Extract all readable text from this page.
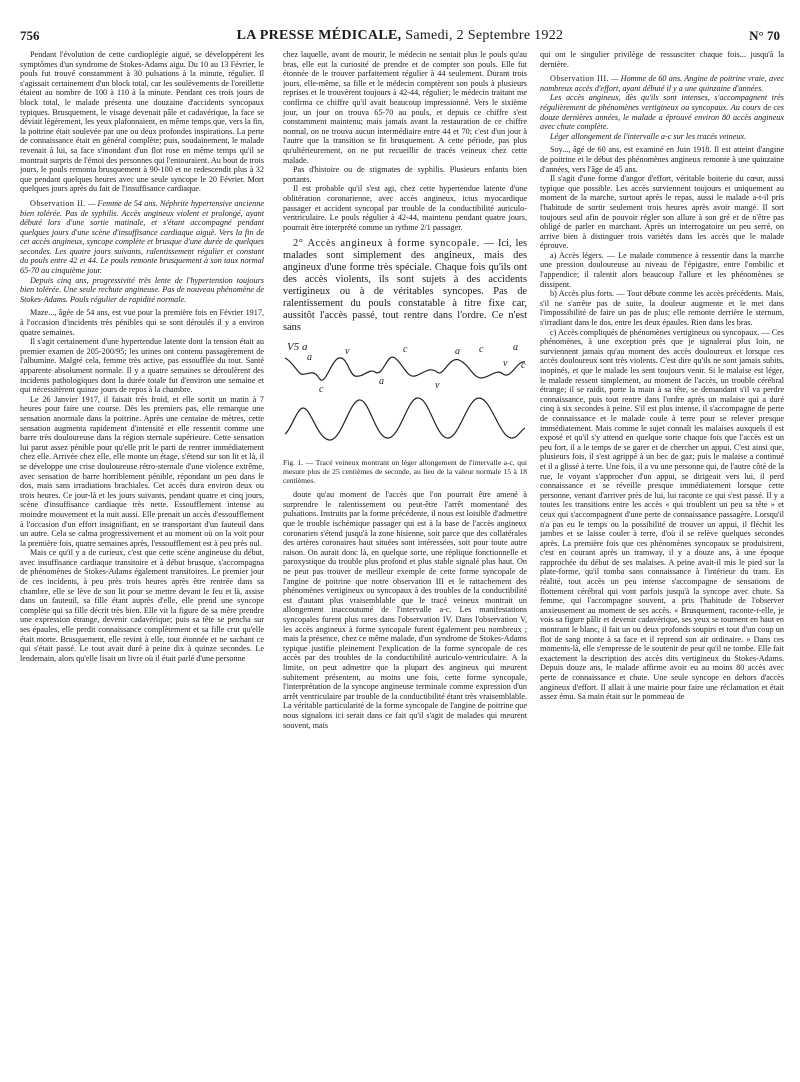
756	LA PRESSE MÉDICALE, Samedi, 2 Septembre 1922	N° 70

Pendant l'évolution de cette cardioplégie aiguë, se développèrent les symptômes d'un syndrome de Stokes-Adams aigu. Du 10 au 13 Février, le pouls fut trouvé constamment à 30 pulsations à la minute, régulier. Il s'agissait certainement d'un block total, car les soulèvements de l'oreillette étaient au nombre de 100 à 110 à la minute. Pendant ces trois jours de block total, le malade présenta une douzaine d'accidents syncopaux typiques. Brusquement, le visage devenait pâle et cadavérique, la face se déviait légèrement, les yeux plafonnaient, en même temps que, vers la fin, la poitrine était soulevée par une ou deux profondes inspirations. La perte de connaissance était en général complète; puis, soudainement, le malade revenait à lui, sa face s'inondant d'un flot rose en même temps qu'il se montrait surpris de l'émoi des personnes qui l'entouraient. Au bout de trois jours, le pouls remonta brusquement à 90-100 et ne redescendit plus à 32 que pendant quelques heures avec une seule syncope le 20 Février. Mort quelques jours après du fait de l'insuffisance cardiaque.

Observation II. — Femme de 54 ans. Néphrite hypertensive ancienne bien tolérée. Pas de syphilis. Accès angineux violent et prolongé, ayant débuté lors d'une sortie matinale, et s'étant accompagné pendant quelques jours d'une scène d'insuffisance cardiaque aiguë. Vers la fin de cet accès angineux, syncope complète et brusque d'une durée de quelques secondes. Les quatre jours suivants, ralentissement régulier et constant du pouls entre 42 et 44. Le pouls remonte brusquement à son taux normal 65-70 au cinquième jour.

Depuis cinq ans, progressivité très lente de l'hypertension toujours bien tolérée. Une seule rechute angineuse. Pas de nouveau phénomène de Stokes-Adams. Pouls régulier de rapidité normale.

Maze..., âgée de 54 ans, est vue pour la première fois en Février 1917, à l'occasion d'incidents très pénibles qui se sont déroulés il y a environ quatre semaines.

Il s'agit certainement d'une hypertendue latente dont la tension était au premier examen de 205-200/95; les urines ont contenu passagèrement de l'albumine. Malgré cela, femme très active, pas essoufflée du tout. Santé apparente absolument normale. Il y a quatre semaines se déroulèrent des incidents pathologiques dont la durée totale fut d'environ une semaine et qui nécessitèrent quinze jours de repos à la chambre.

Le 26 Janvier 1917, il faisait très froid, et elle sortit un matin à 7 heures pour faire une course. Dès les premiers pas, elle remarque une sensation anormale dans la poitrine. Après une centaine de mètres, cette sensation augmenta rapidement d'intensité et elle ressentit comme une barre très douloureuse dans la région sternale supérieure. Cette sensation lui parut assez pénible pour qu'elle prit le parti de rentrer immédiatement chez elle. Arrivée chez elle, elle monte un étage, s'étend sur son lit et là, il se développe une crise douloureuse rétro-sternale d'une violence extrême, avec sensation de barre horriblement pénible, répondant un peu dans le dos, mais sans irradiations brachiales. Cet accès dura environ deux ou trois heures. Ce jour-là et les jours suivants, pendant quatre et cinq jours, scène d'insuffisance cardiaque très nette. Essoufflement intense au moindre mouvement et la nuit aussi. Elle prenait un accès d'essoufflement à l'occasion d'un effort insignifiant, en se transportant d'un fauteuil dans un autre. Cela se calma progressivement et au moment où on la voit pour la première fois, quatre semaines après, l'essoufflement est à peu près nul.

Mais ce qu'il y a de curieux, c'est que cette scène angineuse du début, avec insuffisance cardiaque transitoire et à début brusque, s'accompagna de phénomènes de Stokes-Adams également transitoires. Le premier jour de ces incidents, à peu près trois heures après être rentrée dans sa chambre, elle se lève de son lit pour se mettre devant le feu et là, assise dans un fauteuil, sa fille étant auprès d'elle, elle prend une syncope complète qui sa fille décrit très bien. Elle vit la figure de sa mère prendre une expression étrange, devenir cadavérique; puis sa tête se pencha sur ses épaules, elle perdit connaissance complètement et sa fille crut qu'elle était morte. Brusquement, elle revint à elle, tout étonnée et ne sachant ce qui s'était passé. Le tout avait duré à peine dix à quinze secondes. Le lendemain, alors qu'elle lisait un livre où il était parlé d'une personne

chez laquelle, avant de mourir, le médecin ne sentait plus le pouls qu'au bras, elle eut la curiosité de prendre et de compter son pouls. Elle fut étonnée de le trouver parfaitement régulier à 44 seulement. Durant trois jours, elle-même, sa fille et le médecin comptèrent son pouls à plusieurs reprises et le trouvèrent toujours à 42-44, régulier; le médecin traitant me confirma ce chiffre qu'il avait beaucoup impressionné. Vers le sixième jour, un jour on trouva 65-70 au pouls, et depuis ce chiffre s'est constamment maintenu; mais jamais avant la restauration de ce chiffre normal, on ne trouva aucun intermédiaire entre 44 et 70; c'est d'un jour à l'autre que la transition se fit brusquement. A cette période, pas plus qu'ultérieurement, on ne put recueillir de tracés veineux chez cette malade.

Pas d'histoire ou de stigmates de syphilis. Plusieurs enfants bien portants.

Il est probable qu'il s'est agi, chez cette hypertendue latente d'une oblitération coronarienne, avec accès angineux, ictus myocardique passager et accident syncopal par trouble de la conductibilité auriculo-ventriculaire. Le pouls régulier à 42-44, maintenu pendant quatre jours, pourrait être interprété comme un rythme 2/1 passager.

2° Accès angineux à forme syncopale. — Ici, les malades sont simplement des angineux, mais des angineux d'une forme très spéciale. Chaque fois qu'ils ont des accès violents, ils sont sujets à des accidents vertigineux ou à de véritables syncopes. Pas de ralentissement du pouls constatable à titre fixe car, aussitôt l'accès passé, tout rentre dans l'ordre. Ce n'est sans

V5 a
a
c
v
a
c
v
a c
v
a
c

Fig. 1. — Tracé veineux montrant un léger allongement de l'intervalle a-c, qui mesure plus de 25 centièmes de seconde, au lieu de la valeur normale 15 à 18 centièmes.

doute qu'au moment de l'accès que l'on pourrait être amené à surprendre le ralentissement ou peut-être l'arrêt momentané des pulsations. Instruits par la forme précédente, il nous est loisible d'admettre que le trouble ischémique passager qui est à la base de l'accès angineux coronarien s'étend jusqu'à la zone hisienne, soit parce que des collatérales des artères coronaires haut situées sont intéressées, soit pour toute autre raison. On aurait donc là, en quelque sorte, une réplique fonctionnelle et paroxystique du trouble plus profond et plus stable signalé plus haut. On ne peut pas trouver de meilleur exemple de cette forme syncopale de l'angine de poitrine que notre observation III et le rattachement des phénomènes vertigineux ou syncopaux à des troubles de la conductibilité est d'autant plus vraisemblable que le tracé veineux montrait un allongement inaccoutumé de l'intervalle a-c. Les manifestations syncopales furent plus rares dans l'observation IV. Dans l'observation V, les accès angineux à forme syncopale furent également peu nombreux ; mais la présence, chez ce même malade, d'un syndrome de Stokes-Adams typique justifie pleinement l'explication de la forme syncopale de ces accès par des troubles de la conductibilité auriculo-ventriculaire. A la limite, on peut admettre que la plupart des angineux qui meurent subitement présentent, au moins une fois, cette forme syncopale, l'interprétation de la syncope angineuse terminale comme expression d'un arrêt ventriculaire par trouble de la conductibilité étant très vraisemblable. La véritable particularité de la forme syncopale de l'angine de poitrine que nous signalons ici serait dans ce fait qu'il s'agit de malades qui meurent souvent, mais

qui ont le singulier privilège de ressusciter chaque fois... jusqu'à la dernière.

Observation III. — Homme de 60 ans. Angine de poitrine vraie, avec nombreux accès d'effort, ayant débuté il y a une quinzaine d'années.

Les accès angineux, dès qu'ils sont intenses, s'accompagnent très régulièrement de phénomènes vertigineux ou syncopaux. Au cours de ces douze dernières années, le malade a éprouvé environ 80 accès angineux avec chute complète.

Léger allongement de l'intervalle a-c sur les tracés veineux.

Soy..., âgé de 60 ans, est examiné en Juin 1918. Il est atteint d'angine de poitrine et le début des phénomènes angineux remonte à une quinzaine d'années, vers l'âge de 45 ans.

Il s'agit d'une forme d'angor d'effort, véritable boiterie du cœur, aussi typique que possible. Les accès surviennent toujours et uniquement au moment de la marche, surtout après le repas, aussi le malade a-t-il pris l'habitude de sortir seulement trois heures après avoir mangé. Il sort toujours seul afin de pouvoir régler son allure à son gré et de n'être pas obligé de parler en marchant. Après un interrogatoire un peu serré, on arrive bien à distinguer trois variétés dans les accès que le malade éprouve.

a) Accès légers. — Le malade commence à ressentir dans la marche une pression douloureuse au niveau de l'épigastre, entre l'ombilic et l'appendice; il ralentit alors beaucoup l'allure et les phénomènes se dissipent.

b) Accès plus forts. — Tout débute comme les accès précédents. Mais, s'il ne s'arrête pas de suite, la douleur augmente et le met dans l'impossibilité de faire un pas de plus; elle remonte derrière le sternum, s'irradiant dans le dos, entre les deux épaules. Rien dans les bras.

c) Accès compliqués de phénomènes vertigineux ou syncopaux. — Ces phénomènes, à une exception près que je signalerai plus loin, ne surviennent jamais qu'au moment des accès douloureux et lorsque ces accès douloureux sont très violents. C'est dire qu'ils ne sont jamais subits, inopinés, et que le malade les sent toujours venir. Si le malaise est léger, le malade ressent simplement, au moment de l'accès, un trouble cérébral étrange; il se raidit, porte la main à sa tête, se demandant s'il va perdre connaissance, puis tout rentre dans l'ordre après un malaise qui a duré cinq à six secondes à peine. S'il est plus intense, il s'accompagne de perte de connaissance et le malade coule à terre pour se relever presque immédiatement. Mais comme le sujet connaît les malaises auxquels il est exposé et qu'il s'y attend en quelque sorte chaque fois que l'accès est un peu fort, il a le temps de se garer et de chercher un appui. C'est ainsi que, plusieurs fois, il s'est agrippé à un bec de gaz; puis le malaise a continué et il a glissé à terre. Une fois, il a vu une personne qui, de l'autre côté de la rue, le voyant s'approcher d'un appui, se dirigeait vers lui, il perd connaissance et se réveille presque immédiatement lorsque cette personne, venant d'arriver près de lui, lui raconte ce qui s'est passé. Il y a toutes les transitions entre les accès « qui troublent un peu sa tête » et ceux qui s'accompagnent d'une perte de connaissance passagère. Lorsqu'il n'a pas eu le temps ou la possibilité de trouver un appui, il fléchit les jambes et se laisse couler à terre, d'où il se relève quelques secondes après. La première fois que ces phénomènes syncopaux se produisirent, c'est en courant après un tramway, il y a douze ans, à une époque rapprochée du début de ses malaises. A peine avait-il mis le pied sur la plate-forme, qu'il tomba sans connaissance à l'intérieur du tram. En réalité, tout accès un peu intense s'accompagne de sensations de flottement cérébral qui vont parfois jusqu'à la syncope avec chute. Sa femme, qui l'accompagne souvent, a pris l'habitude de l'observer anxieusement au moment de ses accès. « Brusquement, raconte-t-elle, je vois sa figure pâlir et devenir cadavérique, ses yeux se tournent en haut en montrant le blanc, il fait un ou deux profonds soupirs et tout d'un coup un flot de sang monte à sa face et il reprend son air ordinaire. » Dans ces moments-là, elle s'empresse de le soutenir de peur qu'il ne tombe. Elle fait exactement la description des accès dits vertigineux du Stokes-Adams. Depuis douze ans, le malade affirme avoir eu au moins 80 accès avec perte de connaissance et chute. Une seule syncope en dehors d'accès angineux d'effort. Il allait à une mairie pour faire une réclamation et était assez ému. Sa main était sur le pommeau de
